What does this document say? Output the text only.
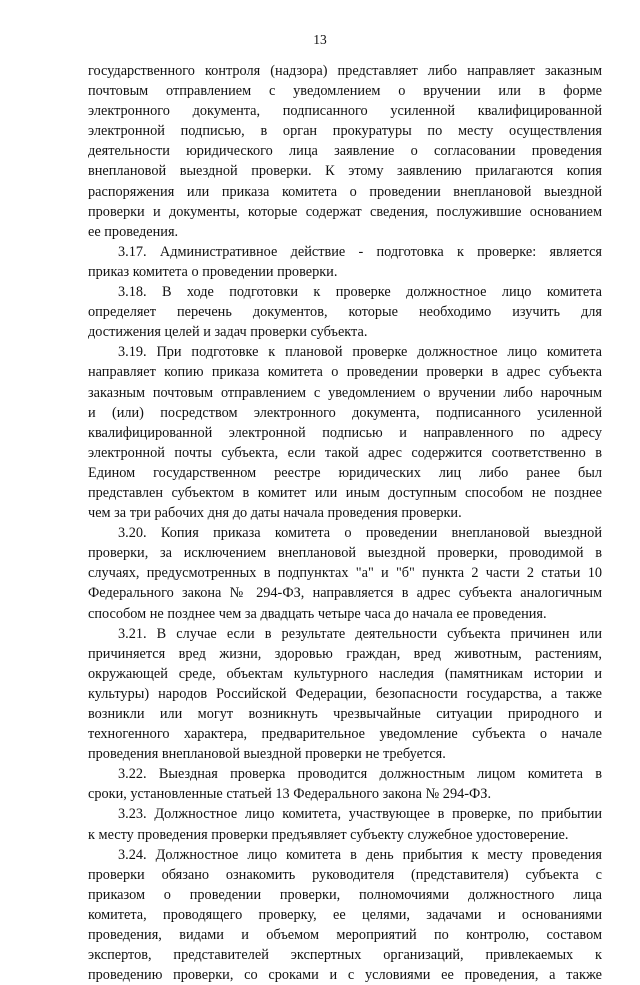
13
государственного контроля (надзора) представляет либо направляет заказным
почтовым отправлением с уведомлением о вручении или в форме
электронного документа, подписанного усиленной квалифицированной
электронной подписью, в орган прокуратуры по месту осуществления
деятельности юридического лица заявление о согласовании проведения
внеплановой выездной проверки. К этому заявлению прилагаются копия
распоряжения или приказа комитета о проведении внеплановой выездной
проверки и документы, которые содержат сведения, послужившие основанием
ее проведения.
3.17. Административное действие - подготовка к проверке: является
приказ комитета о проведении проверки.
3.18. В ходе подготовки к проверке должностное лицо комитета
определяет перечень документов, которые необходимо изучить для
достижения целей и задач проверки субъекта.
3.19. При подготовке к плановой проверке должностное лицо комитета
направляет копию приказа комитета о проведении проверки в адрес субъекта
заказным почтовым отправлением с уведомлением о вручении либо нарочным
и (или) посредством электронного документа, подписанного усиленной
квалифицированной электронной подписью и направленного по адресу
электронной почты субъекта, если такой адрес содержится соответственно в
Едином государственном реестре юридических лиц либо ранее был
представлен субъектом в комитет или иным доступным способом не позднее
чем за три рабочих дня до даты начала проведения проверки.
3.20. Копия приказа комитета о проведении внеплановой выездной
проверки, за исключением внеплановой выездной проверки, проводимой в
случаях, предусмотренных в подпунктах "а" и "б" пункта 2 части 2 статьи 10
Федерального закона № 294-ФЗ, направляется в адрес субъекта аналогичным
способом не позднее чем за двадцать четыре часа до начала ее проведения.
3.21. В случае если в результате деятельности субъекта причинен или
причиняется вред жизни, здоровью граждан, вред животным, растениям,
окружающей среде, объектам культурного наследия (памятникам истории и
культуры) народов Российской Федерации, безопасности государства, а также
возникли или могут возникнуть чрезвычайные ситуации природного и
техногенного характера, предварительное уведомление субъекта о начале
проведения внеплановой выездной проверки не требуется.
3.22. Выездная проверка проводится должностным лицом комитета в
сроки, установленные статьей 13 Федерального закона № 294-ФЗ.
3.23. Должностное лицо комитета, участвующее в проверке, по прибытии
к месту проведения проверки предъявляет субъекту служебное удостоверение.
3.24. Должностное лицо комитета в день прибытия к месту проведения
проверки обязано ознакомить руководителя (представителя) субъекта с
приказом о проведении проверки, полномочиями должностного лица
комитета, проводящего проверку, ее целями, задачами и основаниями
проведения, видами и объемом мероприятий по контролю, составом
экспертов, представителей экспертных организаций, привлекаемых к
проведению проверки, со сроками и с условиями ее проведения, а также
